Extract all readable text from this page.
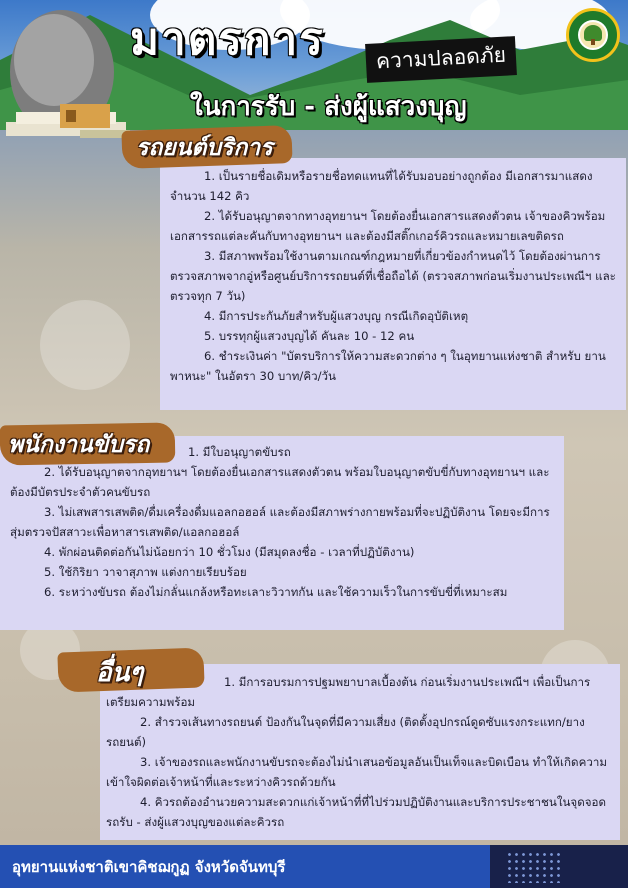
มาตรการ	ความปลอดภัย
ในการรับ - ส่งผู้แสวงบุญ

1. เป็นรายชื่อเดิมหรือรายชื่อทดแทนที่ได้รับมอบอย่างถูกต้อง มีเอกสารมาแสดง จำนวน 142 คิว

2. ได้รับอนุญาตจากทางอุทยานฯ โดยต้องยื่นเอกสารแสดงตัวตน เจ้าของคิวพร้อมเอกสารรถแต่ละคันกับทางอุทยานฯ และต้องมีสติ๊กเกอร์คิวรถและหมายเลขติดรถ

3. มีสภาพพร้อมใช้งานตามเกณฑ์กฎหมายที่เกี่ยวข้องกำหนดไว้ โดยต้องผ่านการตรวจสภาพจากอู่หรือศูนย์บริการรถยนต์ที่เชื่อถือได้ (ตรวจสภาพก่อนเริ่มงานประเพณีฯ และตรวจทุก 7 วัน)

4. มีการประกันภัยสำหรับผู้แสวงบุญ กรณีเกิดอุบัติเหตุ

5. บรรทุกผู้แสวงบุญได้ คันละ 10 - 12 คน

6. ชำระเงินค่า "บัตรบริการให้ความสะดวกต่าง ๆ ในอุทยานแห่งชาติ สำหรับ ยานพาหนะ" ในอัตรา 30 บาท/คิว/วัน

รถยนต์บริการ

1. มีใบอนุญาตขับรถ

2. ได้รับอนุญาตจากอุทยานฯ โดยต้องยื่นเอกสารแสดงตัวตน พร้อมใบอนุญาตขับขี่กับทางอุทยานฯ และต้องมีบัตรประจำตัวคนขับรถ

3. ไม่เสพสารเสพติด/ดื่มเครื่องดื่มแอลกอฮอล์ และต้องมีสภาพร่างกายพร้อมที่จะปฏิบัติงาน โดยจะมีการสุ่มตรวจปัสสาวะเพื่อหาสารเสพติด/แอลกอฮอล์

4. พักผ่อนติดต่อกันไม่น้อยกว่า 10 ชั่วโมง (มีสมุดลงชื่อ - เวลาที่ปฏิบัติงาน)

5. ใช้กิริยา วาจาสุภาพ แต่งกายเรียบร้อย

6. ระหว่างขับรถ ต้องไม่กลั่นแกล้งหรือทะเลาะวิวาทกัน และใช้ความเร็วในการขับขี่ที่เหมาะสม

พนักงานขับรถ

1. มีการอบรมการปฐมพยาบาลเบื้องต้น ก่อนเริ่มงานประเพณีฯ เพื่อเป็นการเตรียมความพร้อม

2. สำรวจเส้นทางรถยนต์ ป้องกันในจุดที่มีความเสี่ยง (ติดตั้งอุปกรณ์ดูดซับแรงกระแทก/ยางรถยนต์)

3. เจ้าของรถและพนักงานขับรถจะต้องไม่นำเสนอข้อมูลอันเป็นเท็จและบิดเบือน ทำให้เกิดความเข้าใจผิดต่อเจ้าหน้าที่และระหว่างคิวรถด้วยกัน

4. คิวรถต้องอำนวยความสะดวกแก่เจ้าหน้าที่ที่ไปร่วมปฏิบัติงานและบริการประชาชนในจุดจอดรถรับ - ส่งผู้แสวงบุญของแต่ละคิวรถ

อื่นๆ
อุทยานแห่งชาติเขาคิชฌกูฏ จังหวัดจันทบุรี
